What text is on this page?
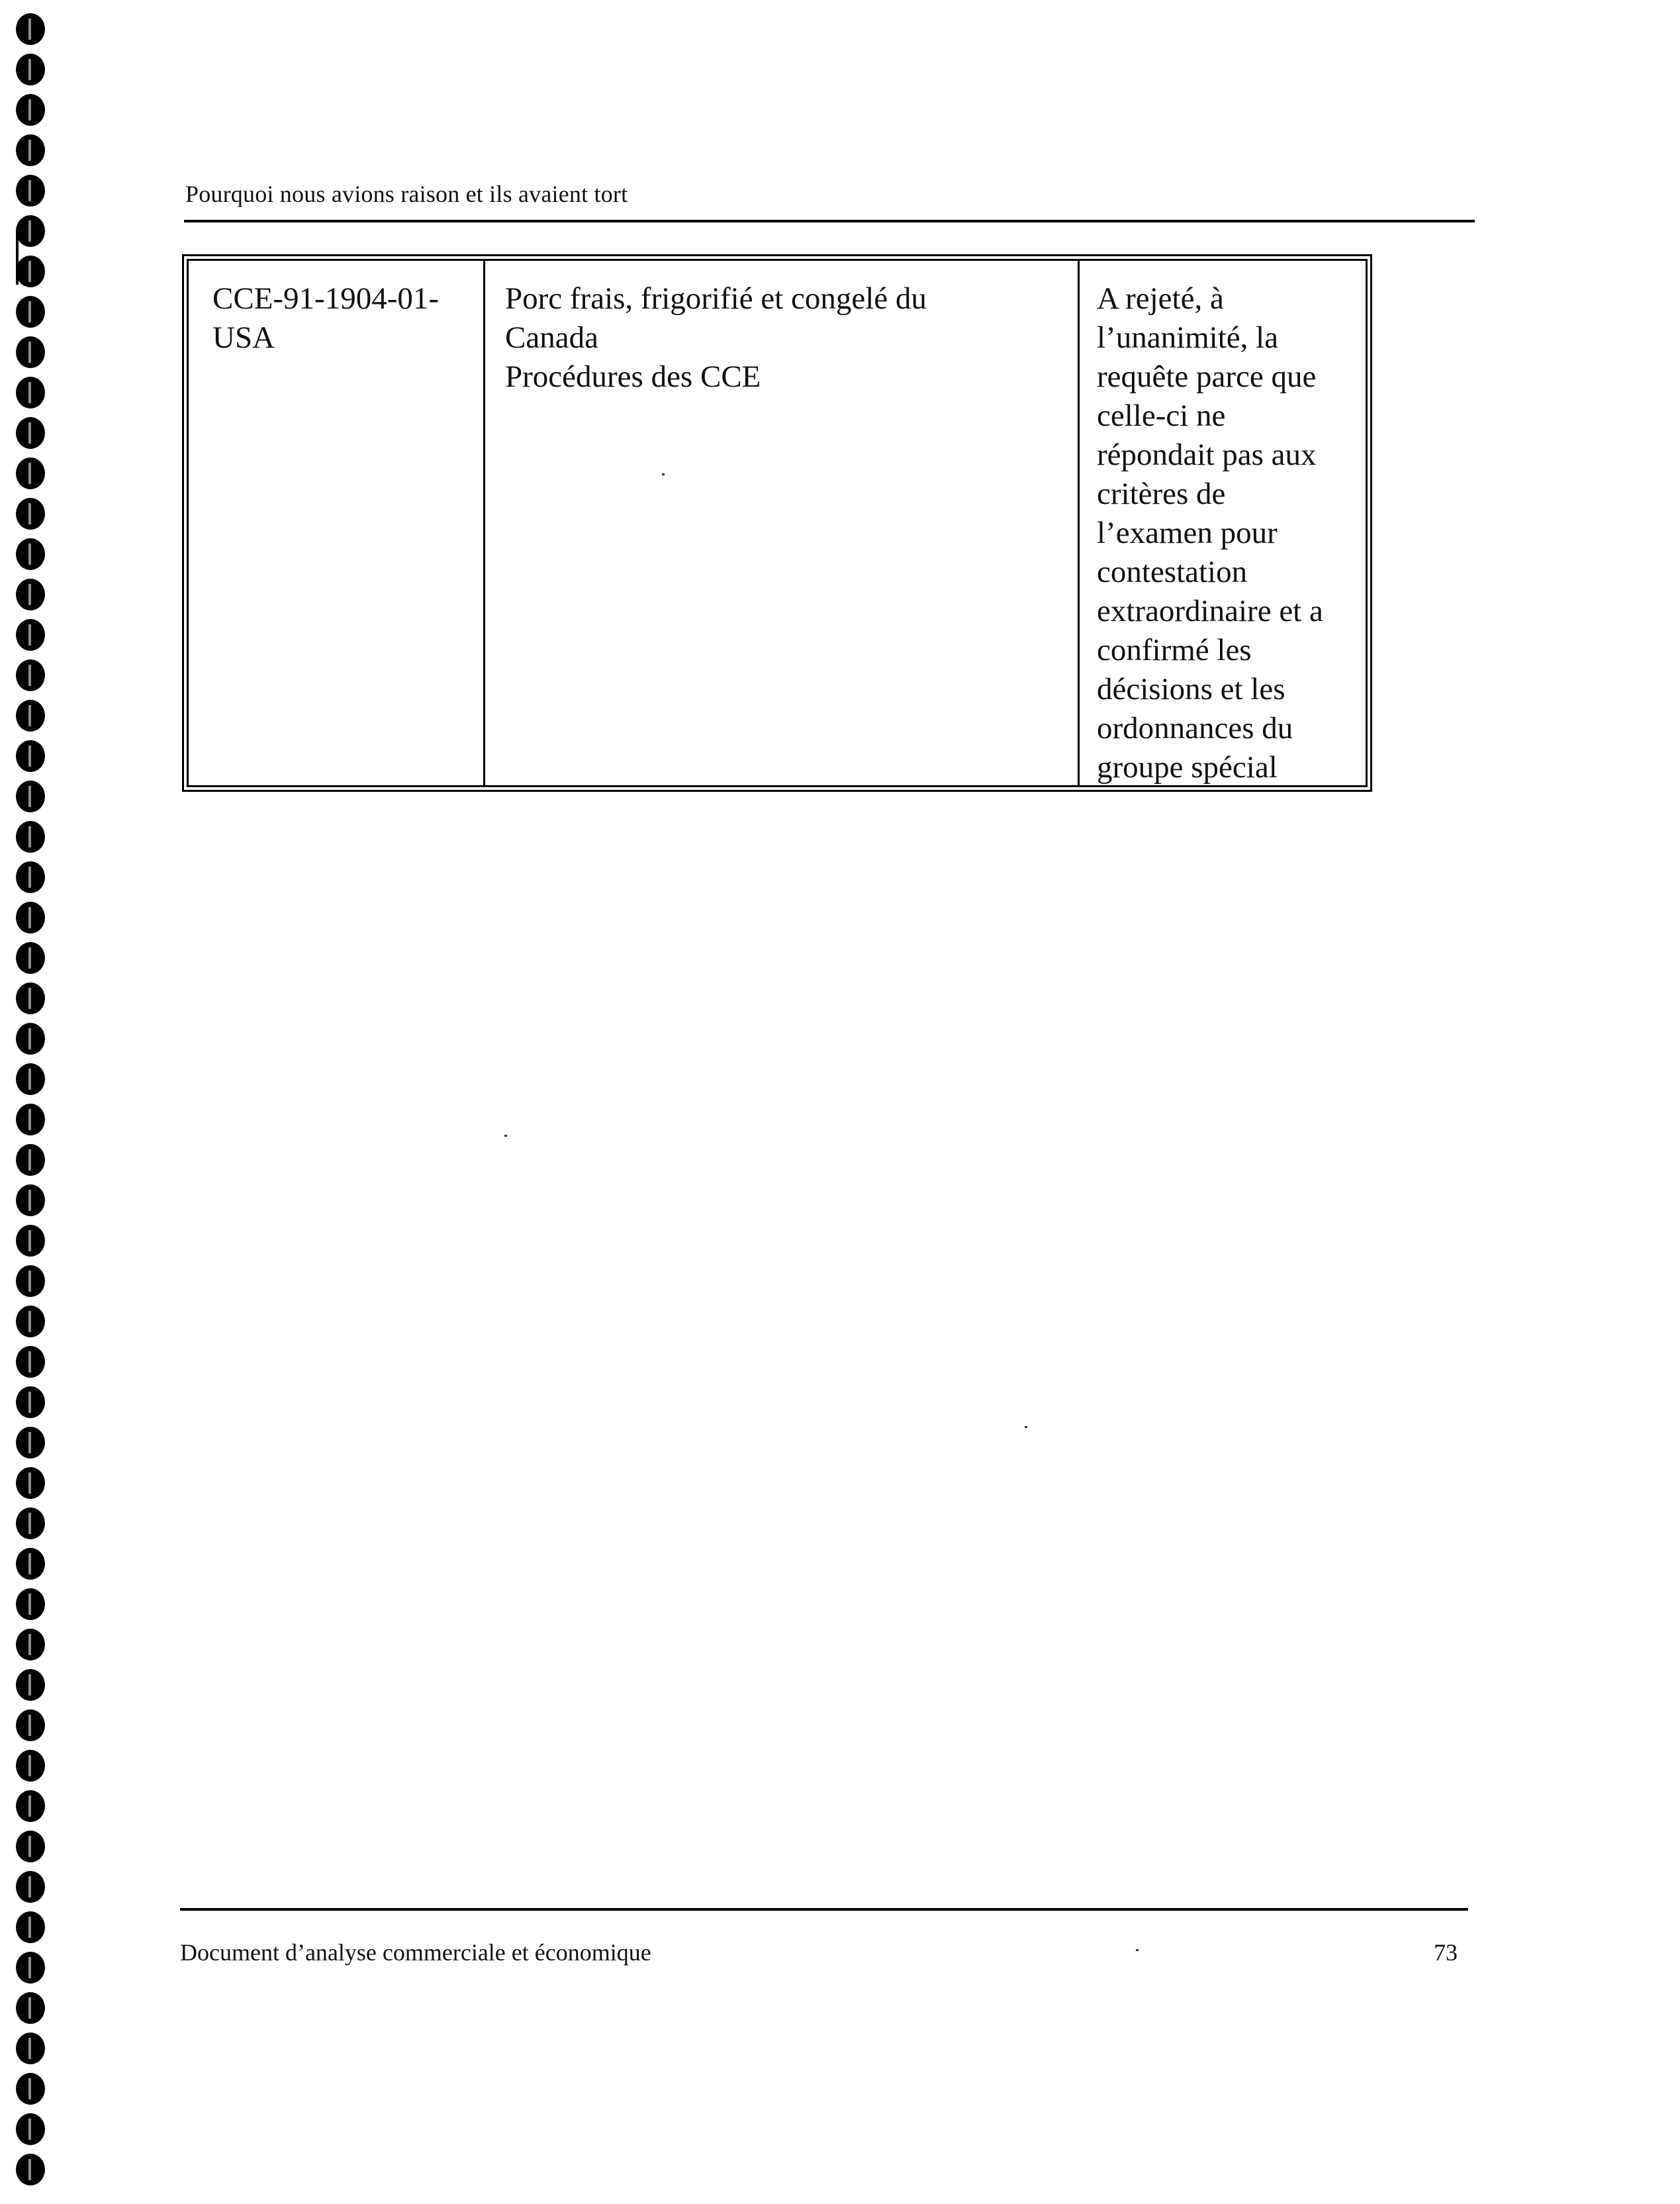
Pourquoi nous avions raison et ils avaient tort
CCE-91-1904-01-
USA
Porc frais, frigorifié et congelé du
Canada
Procédures des CCE
A rejeté, à
l’unanimité, la
requête parce que
celle-ci ne
répondait pas aux
critères de
l’examen pour
contestation
extraordinaire et a
confirmé les
décisions et les
ordonnances du
groupe spécial
Document d’analyse commerciale et économique	73
